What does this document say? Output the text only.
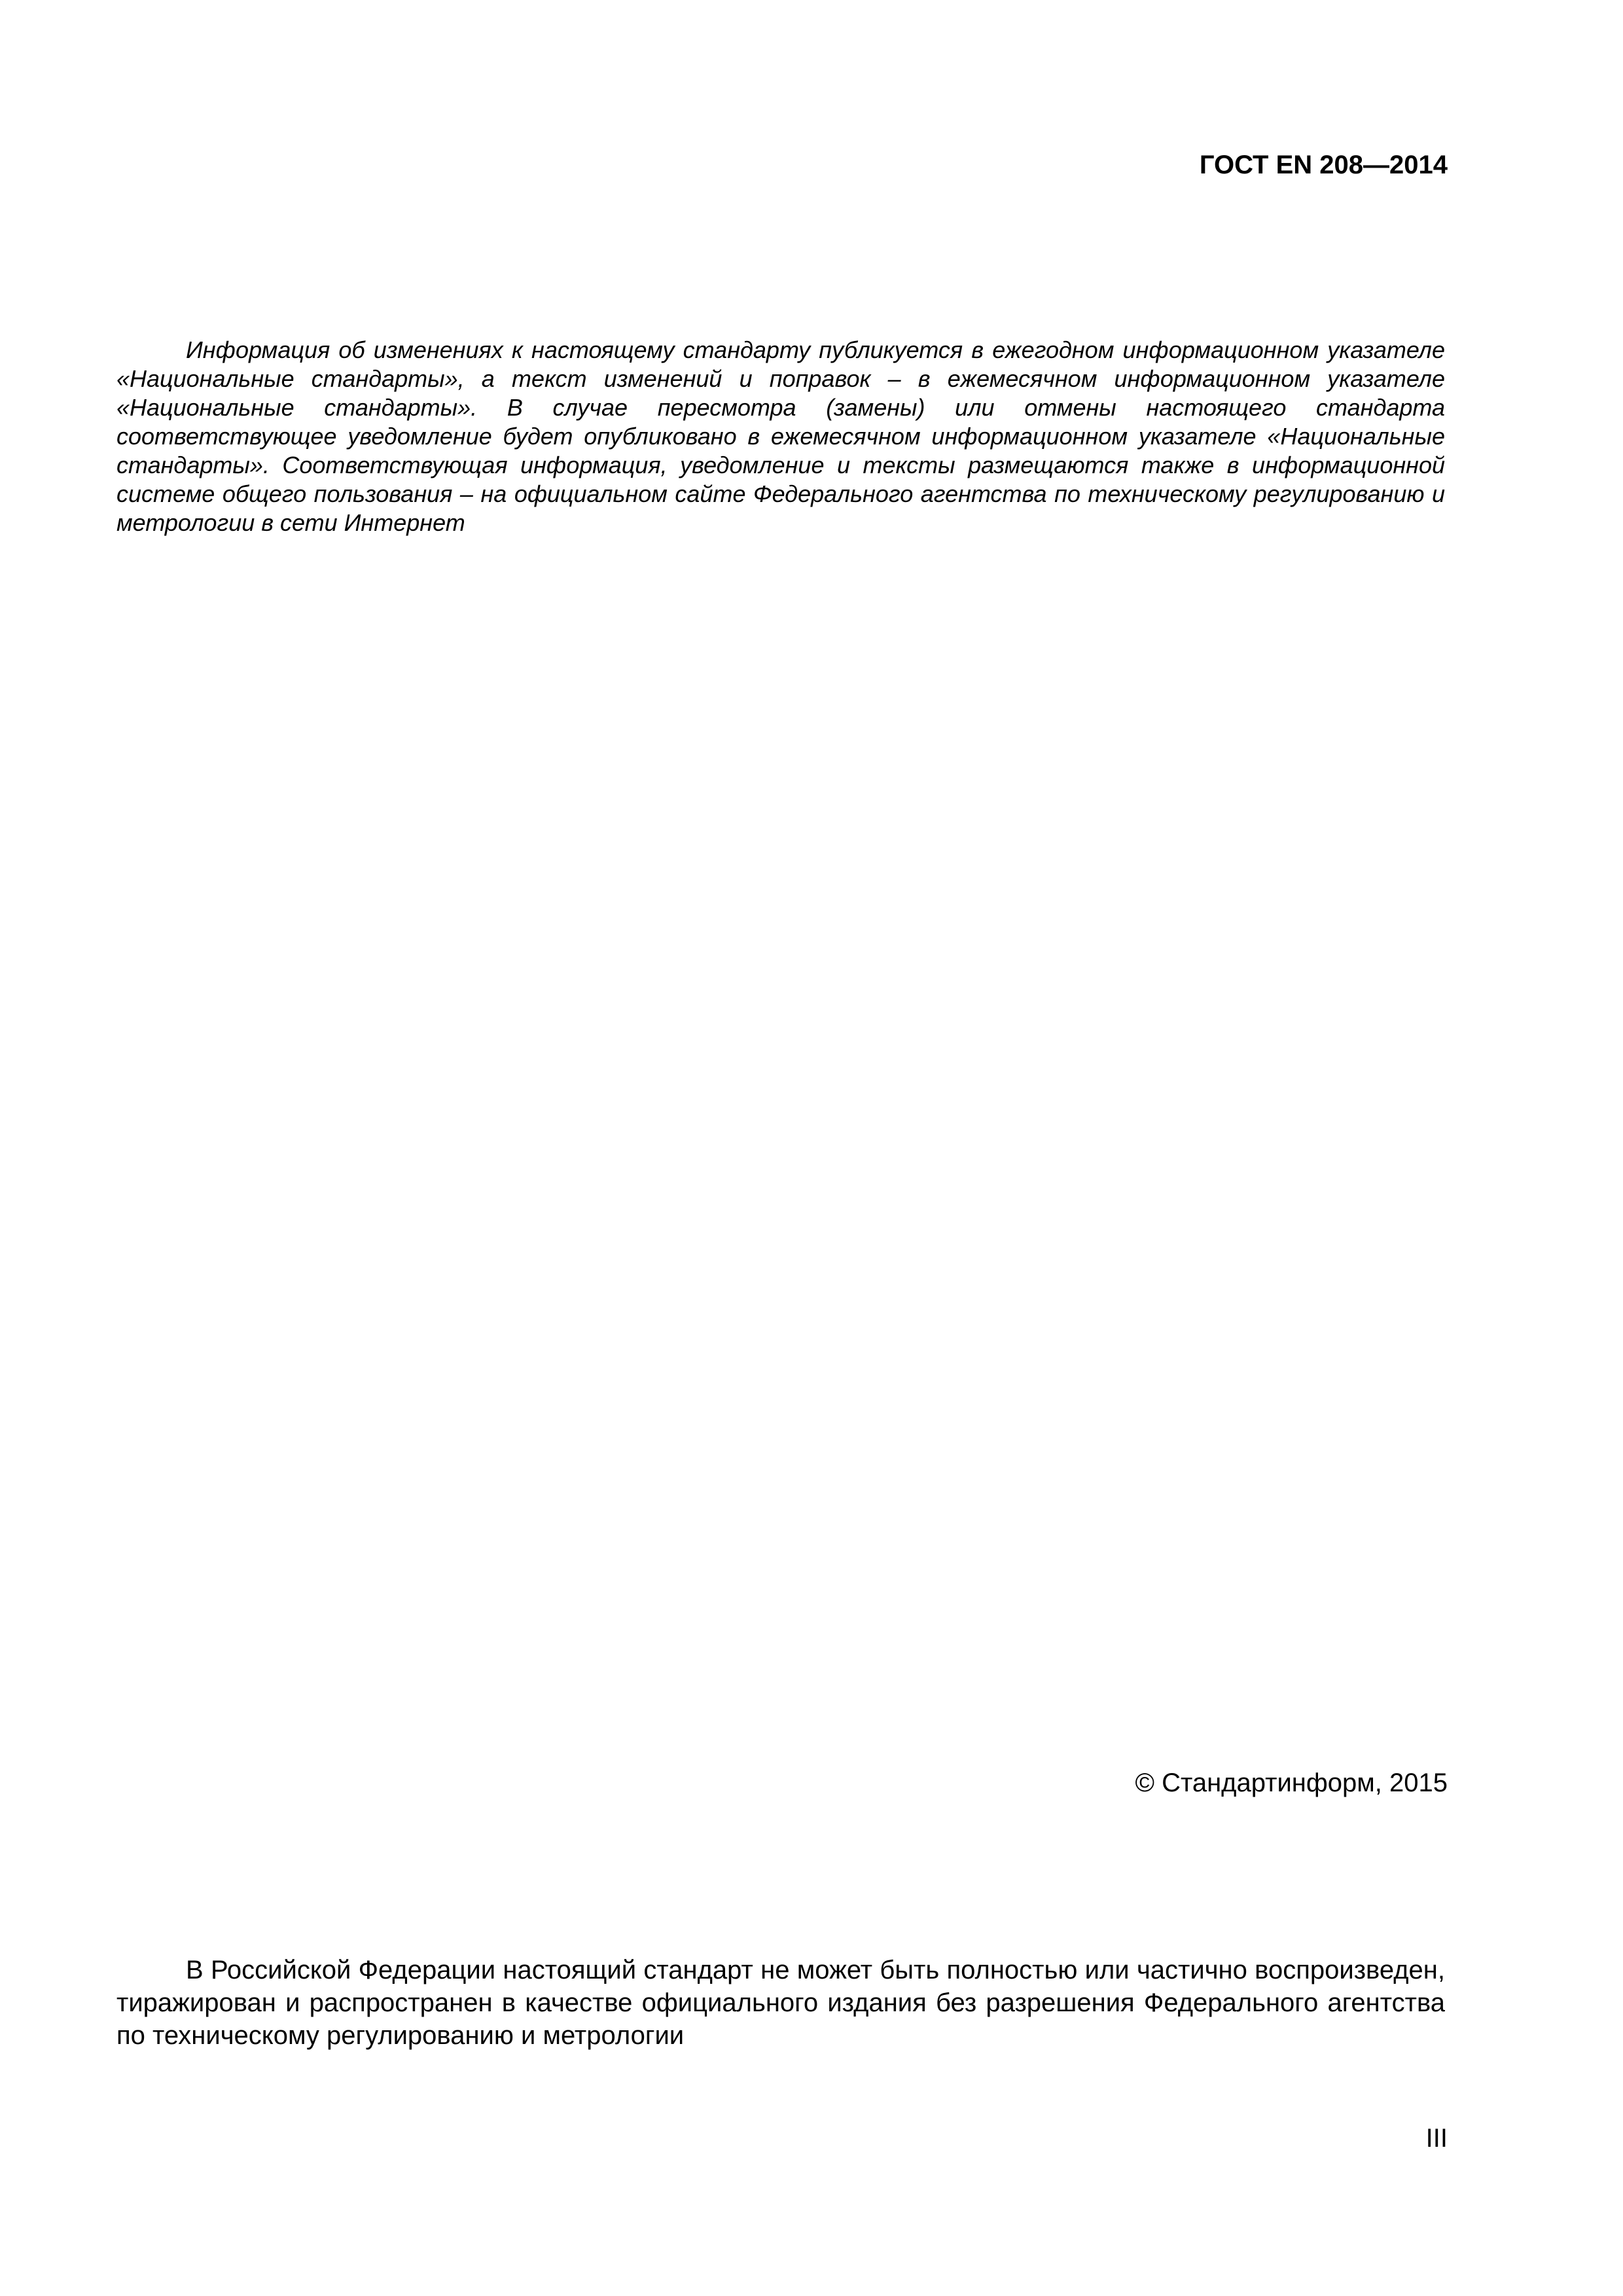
ГОСТ EN 208—2014

Информация об изменениях к настоящему стандарту публикуется в ежегодном информационном указателе «Национальные стандарты», а текст изменений и поправок – в ежемесячном информационном указателе «Национальные стандарты». В случае пересмотра (замены) или отмены настоящего стандарта соответствующее уведомление будет опубликовано в ежемесячном информационном указателе «Национальные стандарты». Соответствующая информация, уведомление и тексты размещаются также в информационной системе общего пользования – на официальном сайте Федерального агентства по техническому регулированию и метрологии в сети Интернет

© Стандартинформ, 2015

В Российской Федерации настоящий стандарт не может быть полностью или частично воспроизведен, тиражирован и распространен в качестве официального издания без разрешения Федерального агентства по техническому регулированию и метрологии

III
